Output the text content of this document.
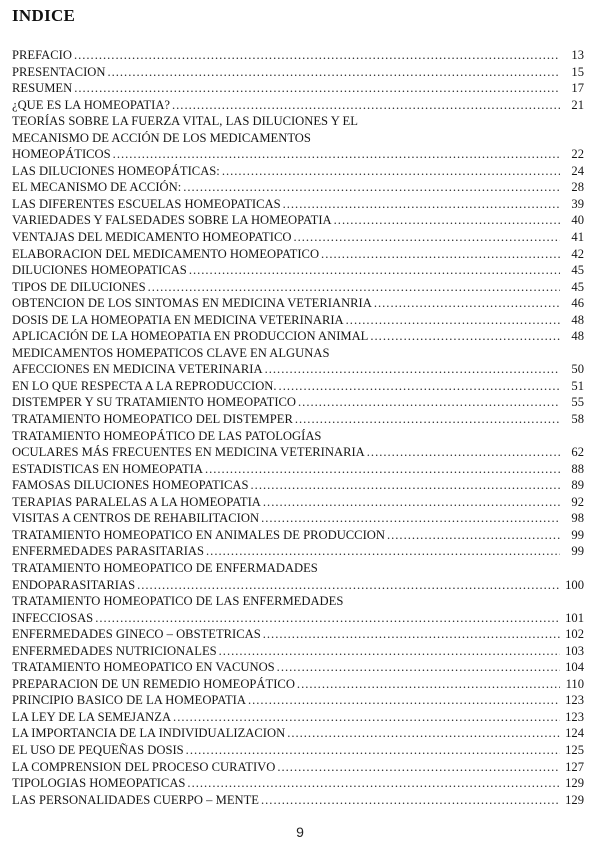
INDICE
PREFACIO .....	13
PRESENTACION .....	15
RESUMEN .....	17
¿QUE ES LA HOMEOPATIA? .....	21
TEORÍAS SOBRE LA FUERZA VITAL, LAS DILUCIONES Y EL
MECANISMO DE ACCIÓN DE LOS MEDICAMENTOS
HOMEOPÁTICOS .....	22
LAS DILUCIONES HOMEOPÁTICAS: .....	24
EL MECANISMO DE ACCIÓN: .....	28
LAS DIFERENTES ESCUELAS HOMEOPATICAS .....	39
VARIEDADES Y FALSEDADES SOBRE LA HOMEOPATIA .....	40
VENTAJAS DEL MEDICAMENTO HOMEOPATICO .....	41
ELABORACION DEL MEDICAMENTO HOMEOPATICO .....	42
DILUCIONES HOMEOPATICAS .....	45
TIPOS DE DILUCIONES .....	45
OBTENCION DE LOS SINTOMAS EN MEDICINA VETERIANRIA .....	46
DOSIS DE LA HOMEOPATIA EN MEDICINA VETERINARIA .....	48
APLICACIÓN DE LA HOMEOPATIA EN PRODUCCION ANIMAL .....	48
MEDICAMENTOS HOMEPATICOS CLAVE EN ALGUNAS
AFECCIONES EN MEDICINA VETERINARIA .....	50
EN LO QUE RESPECTA A LA REPRODUCCION. .....	51
DISTEMPER Y SU TRATAMIENTO HOMEOPATICO .....	55
TRATAMIENTO HOMEOPATICO DEL DISTEMPER .....	58
TRATAMIENTO HOMEOPÁTICO DE LAS PATOLOGÍAS
OCULARES MÁS FRECUENTES EN MEDICINA VETERINARIA .....	62
ESTADISTICAS EN HOMEOPATIA .....	88
FAMOSAS DILUCIONES HOMEOPATICAS .....	89
TERAPIAS PARALELAS A LA HOMEOPATIA .....	92
VISITAS A CENTROS DE REHABILITACION .....	98
TRATAMIENTO HOMEOPATICO EN ANIMALES DE PRODUCCION .....	99
ENFERMEDADES PARASITARIAS .....	99
TRATAMIENTO HOMEOPATICO DE ENFERMADADES
ENDOPARASITARIAS .....	100
TRATAMIENTO HOMEOPATICO DE LAS ENFERMEDADES
INFECCIOSAS .....	101
ENFERMEDADES GINECO – OBSTETRICAS .....	102
ENFERMEDADES NUTRICIONALES .....	103
TRATAMIENTO HOMEOPATICO EN VACUNOS .....	104
PREPARACION DE UN REMEDIO HOMEOPÁTICO .....	110
PRINCIPIO BASICO DE LA HOMEOPATIA .....	123
LA LEY DE LA SEMEJANZA .....	123
LA IMPORTANCIA DE LA INDIVIDUALIZACION .....	124
EL USO DE PEQUEÑAS DOSIS .....	125
LA COMPRENSION DEL PROCESO CURATIVO .....	127
TIPOLOGIAS HOMEOPATICAS .....	129
LAS PERSONALIDADES CUERPO – MENTE .....	129
9
